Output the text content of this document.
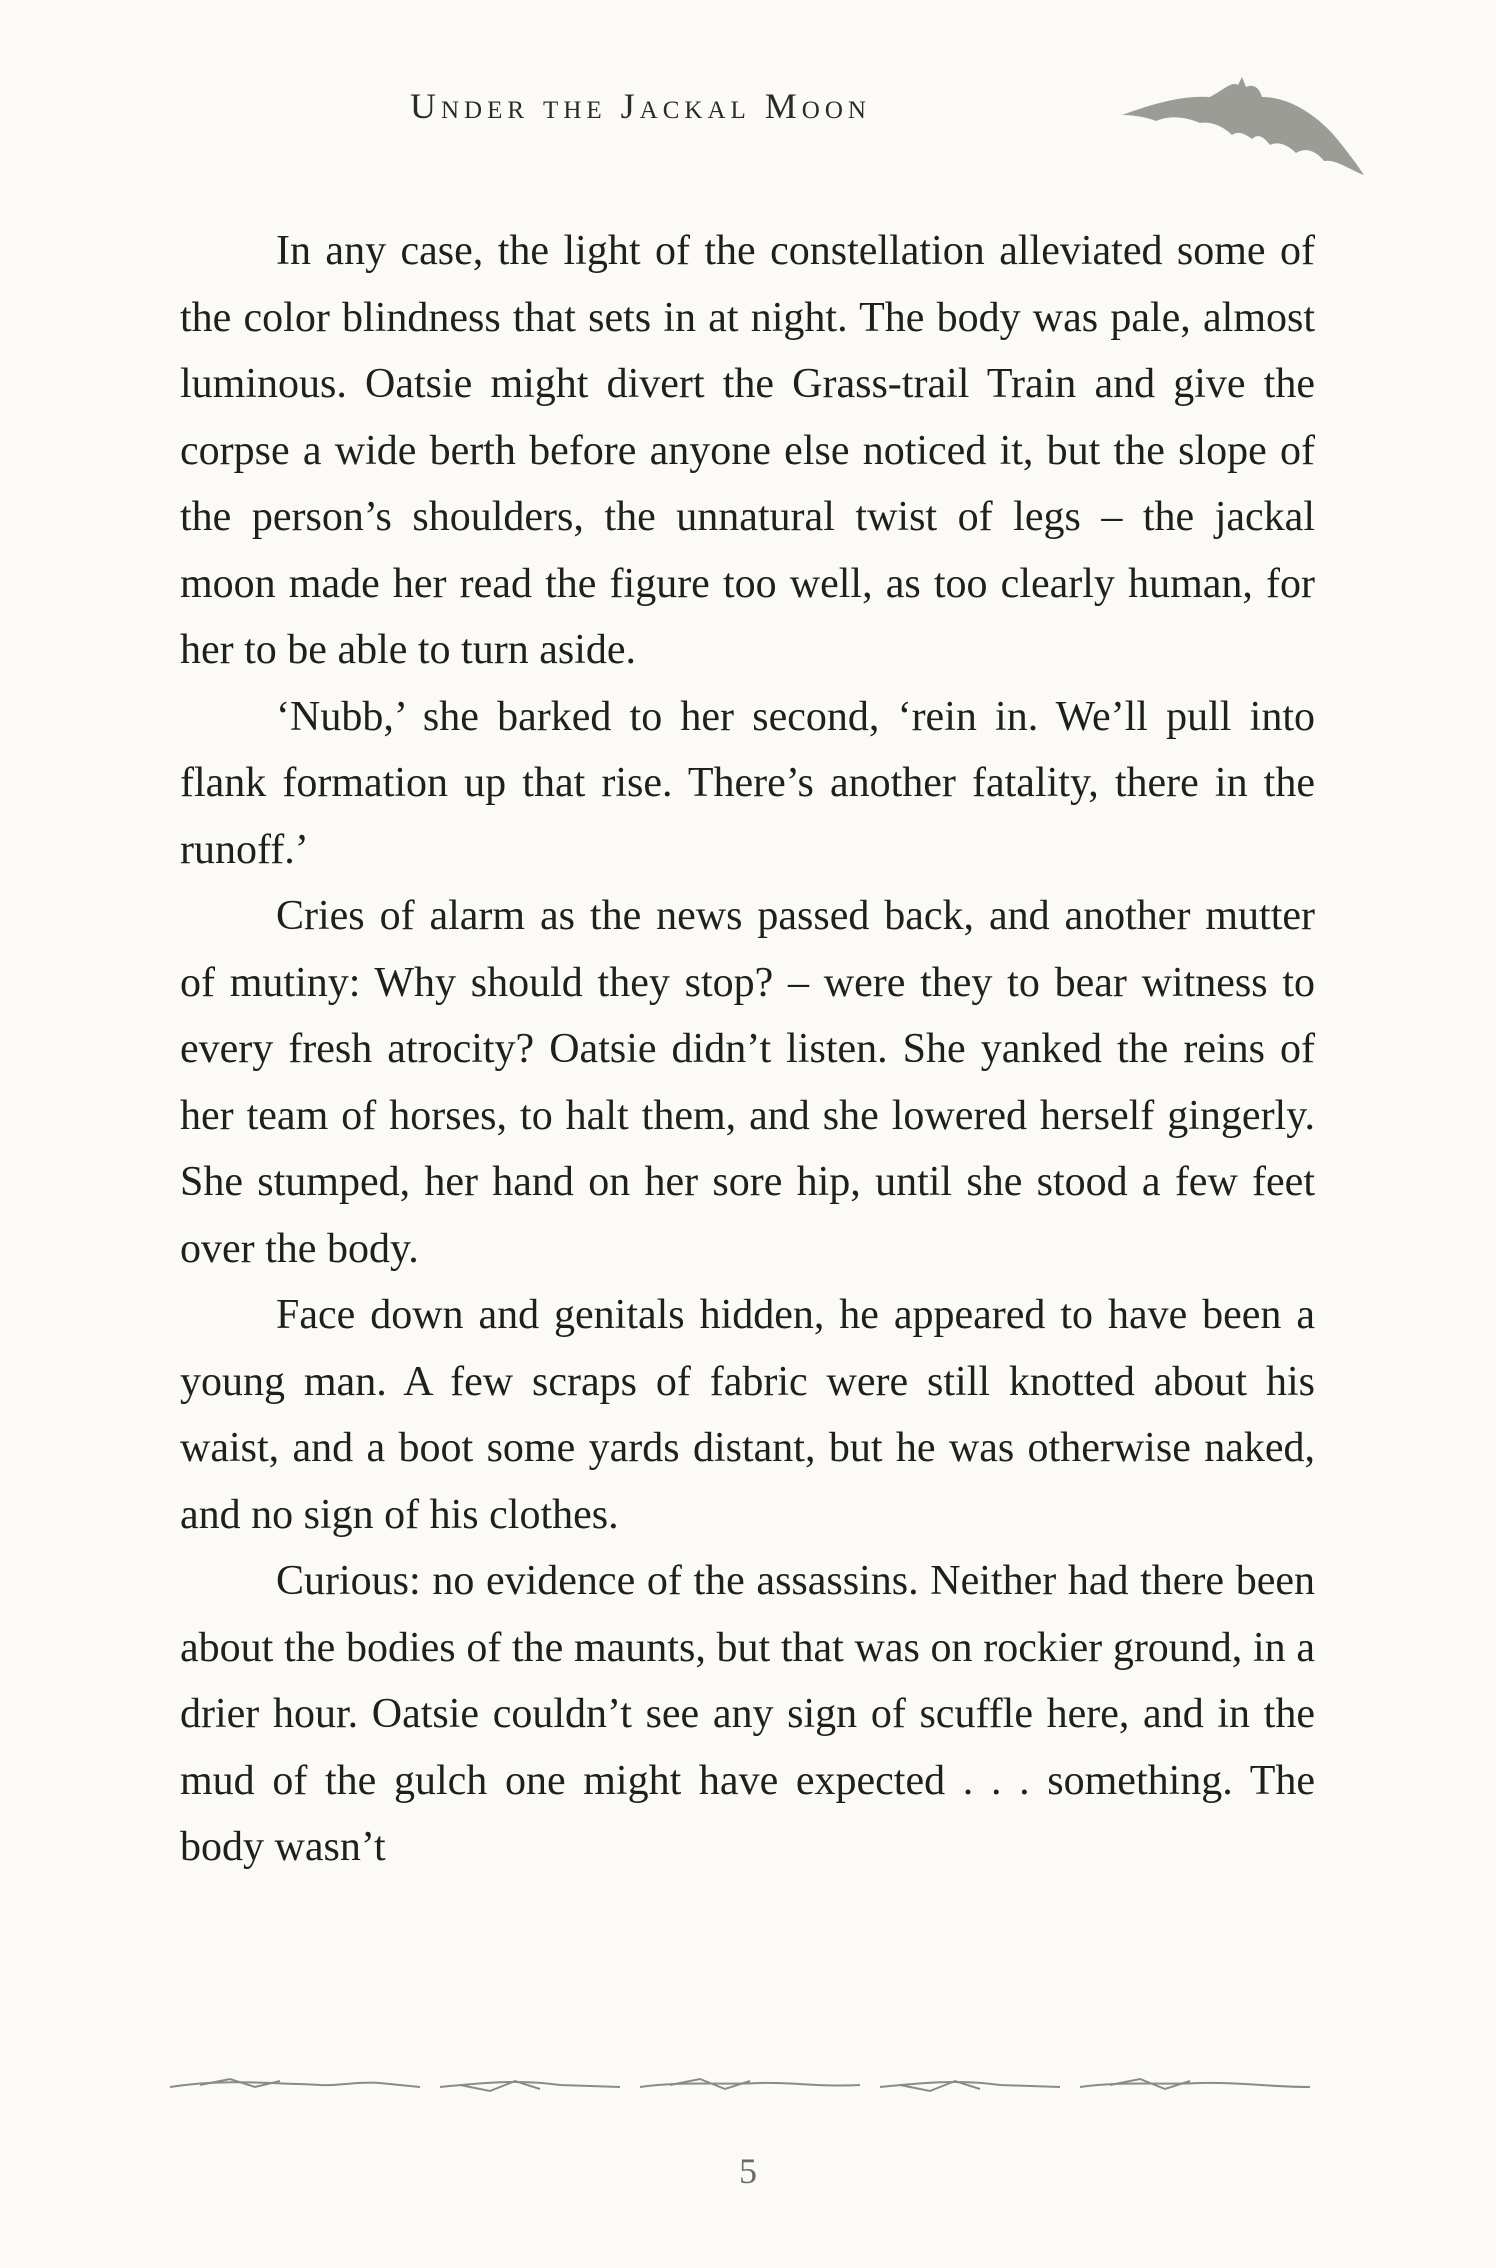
Under the Jackal Moon

In any case, the light of the constellation alleviated some of the color blindness that sets in at night. The body was pale, almost luminous. Oatsie might divert the Grass-trail Train and give the corpse a wide berth before anyone else noticed it, but the slope of the person’s shoulders, the unnatural twist of legs – the jackal moon made her read the figure too well, as too clearly human, for her to be able to turn aside.

‘Nubb,’ she barked to her second, ‘rein in. We’ll pull into flank formation up that rise. There’s another fatality, there in the runoff.’

Cries of alarm as the news passed back, and another mutter of mutiny: Why should they stop? – were they to bear witness to every fresh atrocity? Oatsie didn’t listen. She yanked the reins of her team of horses, to halt them, and she lowered herself gingerly. She stumped, her hand on her sore hip, until she stood a few feet over the body.

Face down and genitals hidden, he appeared to have been a young man. A few scraps of fabric were still knotted about his waist, and a boot some yards distant, but he was otherwise naked, and no sign of his clothes.

Curious: no evidence of the assassins. Neither had there been about the bodies of the maunts, but that was on rockier ground, in a drier hour. Oatsie couldn’t see any sign of scuffle here, and in the mud of the gulch one might have expected . . . something. The body wasn’t

5
